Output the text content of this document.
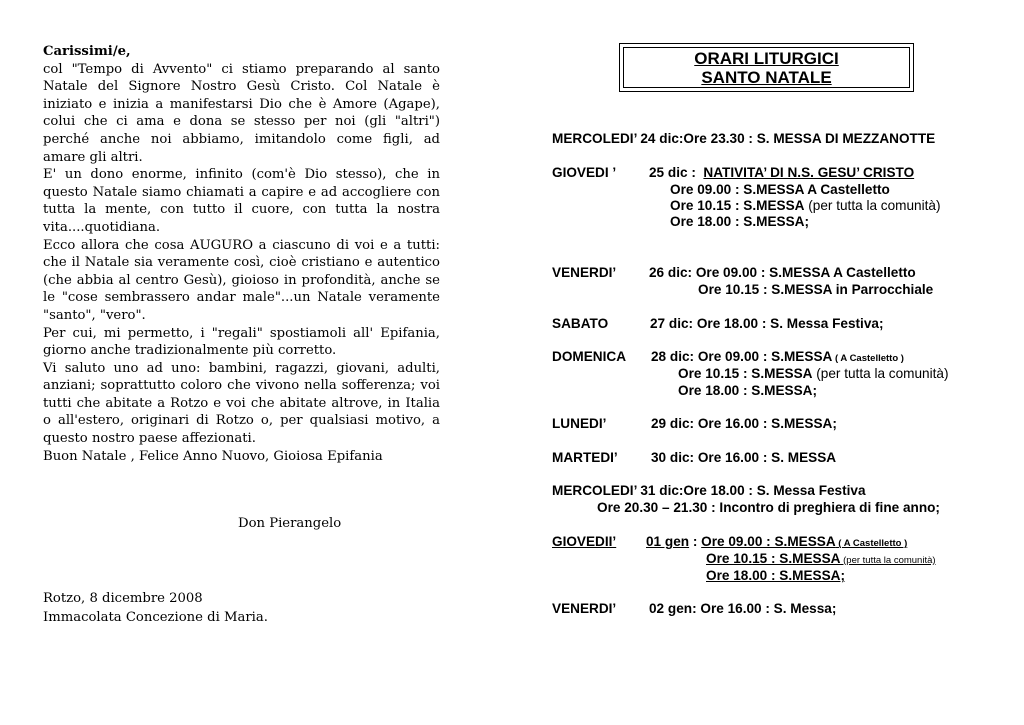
Carissimi/e,

col "Tempo di Avvento" ci stiamo preparando al santo Natale del Signore Nostro Gesù Cristo. Col Natale è iniziato e inizia a manifestarsi Dio che è Amore (Agape), colui che ci ama e dona se stesso per noi (gli "altri") perché anche noi abbiamo, imitandolo come figli, ad amare gli altri.

E' un dono enorme, infinito (com'è Dio stesso), che in questo Natale siamo chiamati a capire e ad accogliere con tutta la mente, con tutto il cuore, con tutta la nostra vita....quotidiana.

Ecco allora che cosa AUGURO a ciascuno di voi e a tutti: che il Natale sia veramente così, cioè cristiano e autentico (che abbia al centro Gesù), gioioso in profondità, anche se le "cose sembrassero andar male"...un Natale veramente "santo", "vero".

Per cui, mi permetto, i "regali" spostiamoli all' Epifania, giorno anche tradizionalmente più corretto.

Vi saluto uno ad uno: bambini, ragazzi, giovani, adulti, anziani; soprattutto coloro che vivono nella sofferenza; voi tutti che abitate a Rotzo e voi che abitate altrove, in Italia o all'estero, originari di Rotzo o, per qualsiasi motivo, a questo nostro paese affezionati.

Buon Natale , Felice Anno Nuovo, Gioiosa Epifania

Don Pierangelo
Rotzo, 8 dicembre 2008
Immacolata Concezione di Maria.
ORARI LITURGICI
SANTO NATALE
MERCOLEDI’ 24 dic:Ore 23.30 : S. MESSA DI MEZZANOTTE
GIOVEDI ’ 25 dic : NATIVITA’ DI N.S. GESU’ CRISTO
Ore 09.00 : S.MESSA A Castelletto
Ore 10.15 : S.MESSA (per tutta la comunità)
Ore 18.00 : S.MESSA;
VENERDI’ 26 dic: Ore 09.00 : S.MESSA A Castelletto
Ore 10.15 : S.MESSA in Parrocchiale
SABATO	27 dic: Ore 18.00 : S. Messa Festiva;
DOMENICA 28 dic: Ore 09.00 : S.MESSA ( A Castelletto )
Ore 10.15 : S.MESSA (per tutta la comunità)
Ore 18.00 : S.MESSA;
LUNEDI’	29 dic: Ore 16.00 : S.MESSA;
MARTEDI’ 30 dic: Ore 16.00 : S. MESSA
MERCOLEDI’ 31 dic:Ore 18.00 : S. Messa Festiva
Ore 20.30 – 21.30 : Incontro di preghiera di fine anno;
GIOVEDII’ 01 gen : Ore 09.00 : S.MESSA ( A Castelletto )
Ore 10.15 : S.MESSA (per tutta la comunità)
Ore 18.00 : S.MESSA;
VENERDI’ 02 gen: Ore 16.00 : S. Messa;
